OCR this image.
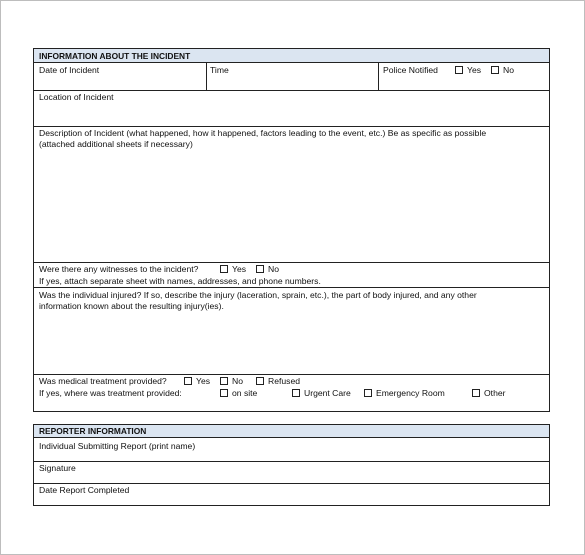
INFORMATION ABOUT THE INCIDENT
Date of Incident	Time	Police Notified	Yes	No
Location of Incident
Description of Incident (what happened, how it happened, factors leading to the event, etc.) Be as specific as possible
(attached additional sheets if necessary)
Were there any witnesses to the incident?	Yes	No
If yes, attach separate sheet with names, addresses, and phone numbers.
Was the individual injured? If so, describe the injury (laceration, sprain, etc.), the part of body injured, and any other
information known about the resulting injury(ies).
Was medical treatment provided?	Yes	No	Refused
If yes, where was treatment provided:	on site	Urgent Care	Emergency Room	Other
REPORTER INFORMATION
Individual Submitting Report (print name)
Signature
Date Report Completed
